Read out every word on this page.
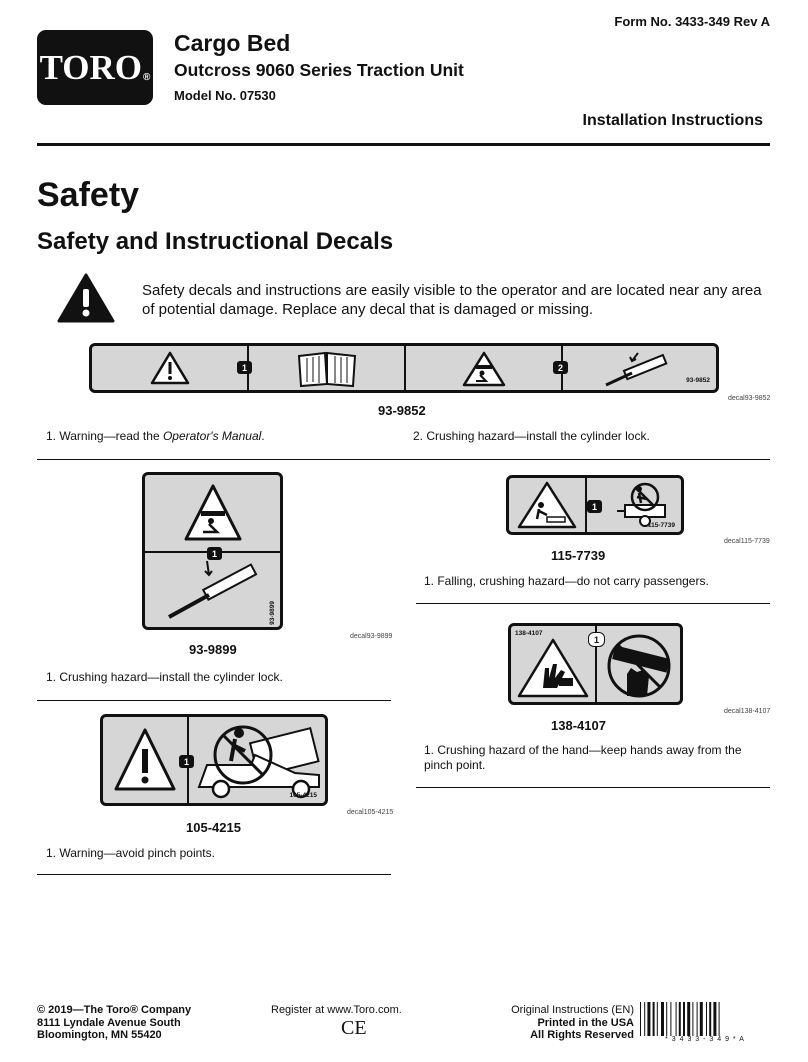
TORO ®
Cargo Bed
Outcross 9060 Series Traction Unit
Model No. 07530
Form No. 3433-349 Rev A
Installation Instructions
Safety
Safety and Instructional Decals
Safety decals and instructions are easily visible to the operator and are located near any area of potential damage. Replace any decal that is damaged or missing.
1	2
93-9852
decal93-9852
93-9852
1. Warning—read the Operator's Manual.	2. Crushing hazard—install the cylinder lock.
1
93-9899
decal93-9899
93-9899
1. Crushing hazard—install the cylinder lock.
1
105-4215
decal105-4215
105-4215
1. Warning—avoid pinch points.
1
115-7739
decal115-7739
115-7739
1. Falling, crushing hazard—do not carry passengers.
138-4107
1
decal138-4107
138-4107
1. Crushing hazard of the hand—keep hands away from the pinch point.
© 2019—The Toro® Company
8111 Lyndale Avenue South
Bloomington, MN 55420
Register at www.Toro.com.
CE
Original Instructions (EN)
Printed in the USA
All Rights Reserved	* 3 4 3 3 - 3 4 9 * A
